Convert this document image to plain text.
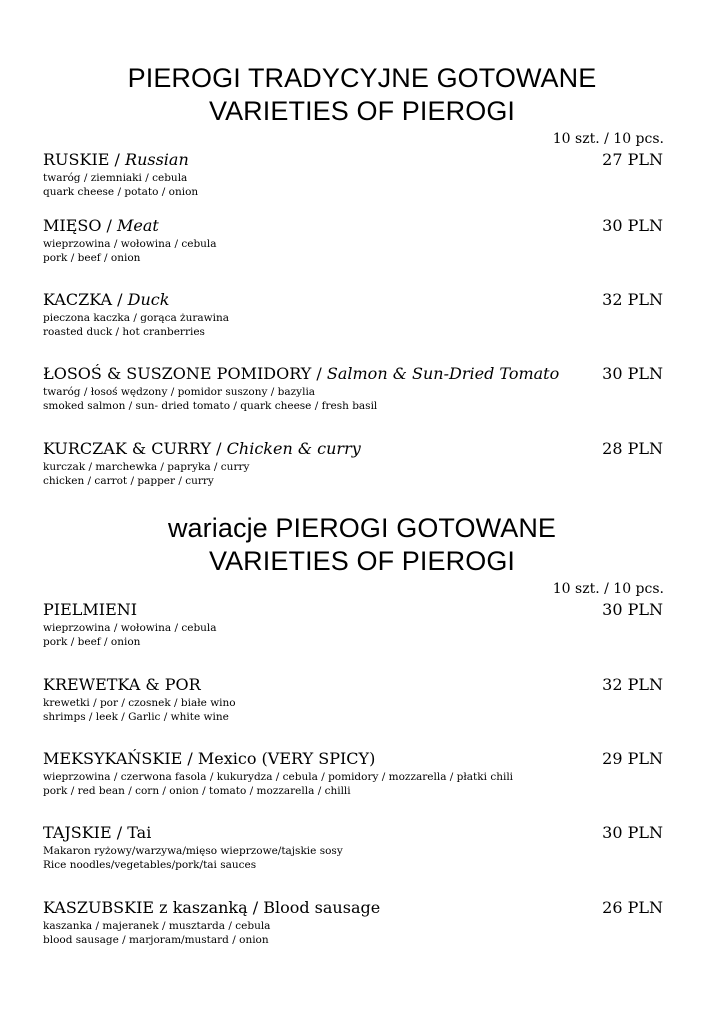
PIEROGI TRADYCYJNE GOTOWANE
VARIETIES OF PIEROGI
10 szt. / 10 pcs.
RUSKIE / Russian	27 PLN
twaróg / ziemniaki / cebula
quark cheese / potato / onion
MIĘSO / Meat	30 PLN
wieprzowina / wołowina / cebula
pork / beef / onion
KACZKA / Duck	32 PLN
pieczona kaczka / gorąca żurawina
roasted duck / hot cranberries
ŁOSOŚ & SUSZONE POMIDORY / Salmon & Sun-Dried Tomato	30 PLN
twaróg / łosoś wędzony / pomidor suszony / bazylia
smoked salmon / sun- dried tomato / quark cheese / fresh basil
KURCZAK & CURRY / Chicken & curry	28 PLN
kurczak / marchewka / papryka / curry
chicken / carrot / papper / curry
wariacje PIEROGI GOTOWANE
VARIETIES OF PIEROGI
10 szt. / 10 pcs.
PIELMIENI	30 PLN
wieprzowina / wołowina / cebula
pork / beef / onion
KREWETKA & POR	32 PLN
krewetki / por / czosnek / białe wino
shrimps / leek / Garlic / white wine
MEKSYKAŃSKIE / Mexico (VERY SPICY)	29 PLN
wieprzowina / czerwona fasola / kukurydza / cebula / pomidory / mozzarella / płatki chili
pork / red bean / corn / onion / tomato / mozzarella / chilli
TAJSKIE / Tai	30 PLN
Makaron ryżowy/warzywa/mięso wieprzowe/tajskie sosy
Rice noodles/vegetables/pork/tai sauces
KASZUBSKIE z kaszanką / Blood sausage	26 PLN
kaszanka / majeranek / musztarda / cebula
blood sausage / marjoram/mustard / onion
